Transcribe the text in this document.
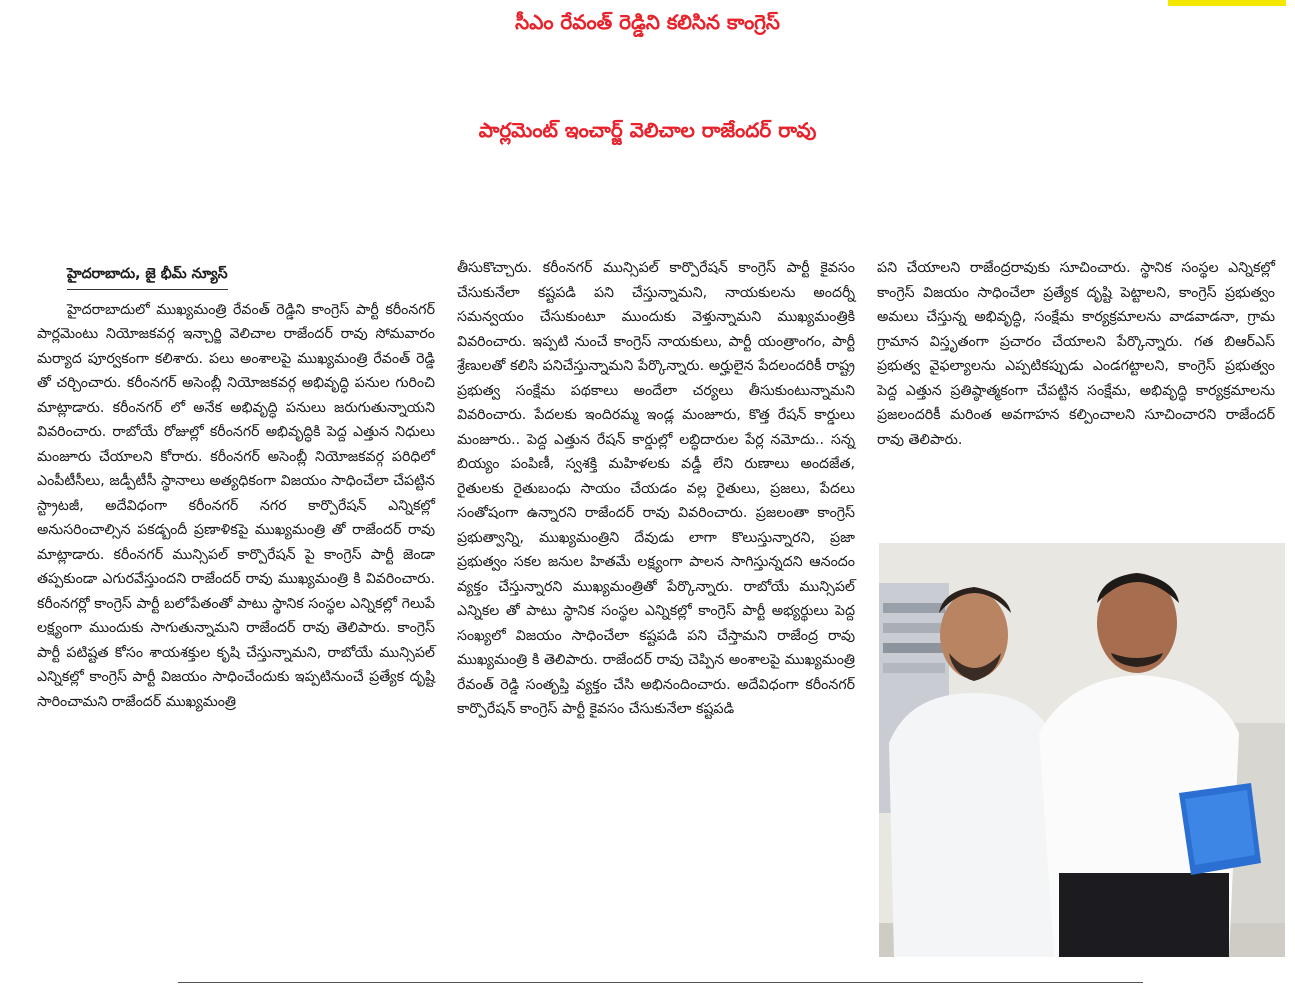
సీఎం రేవంత్ రెడ్డిని కలిసిన కాంగ్రెస్
పార్లమెంట్ ఇంచార్జ్ వెలిచాల రాజేందర్ రావు
హైదరాబాదు, జై భీమ్ న్యూస్
హైదరాబాదులో ముఖ్యమంత్రి రేవంత్ రెడ్డిని కాంగ్రెస్ పార్టీ కరీంనగర్ పార్లమెంటు నియోజకవర్గ ఇన్చార్జి వెలిచాల రాజేందర్ రావు సోమవారం మర్యాద పూర్వకంగా కలిశారు. పలు అంశాలపై ముఖ్యమంత్రి రేవంత్ రెడ్డి తో చర్చించారు. కరీంనగర్ అసెంబ్లీ నియోజకవర్గ అభివృద్ధి పనుల గురించి మాట్లాడారు. కరీంనగర్ లో అనేక అభివృద్ధి పనులు జరుగుతున్నాయని వివరించారు. రాబోయే రోజుల్లో కరీంనగర్ అభివృద్ధికి పెద్ద ఎత్తున నిధులు మంజూరు చేయాలని కోరారు. కరీంనగర్ అసెంబ్లీ నియోజకవర్గ పరిధిలో ఎంపీటీసీలు, జడ్పీటీసీ స్థానాలు అత్యధికంగా విజయం సాధించేలా చేపట్టిన స్ట్రాటజీ, అదేవిధంగా కరీంనగర్ నగర కార్పొరేషన్ ఎన్నికల్లో అనుసరించాల్సిన పకడ్బందీ ప్రణాళికపై ముఖ్యమంత్రి తో రాజేందర్ రావు మాట్లాడారు. కరీంనగర్ మున్సిపల్ కార్పొరేషన్ పై కాంగ్రెస్ పార్టీ జెండా తప్పకుండా ఎగురవేస్తుందని రాజేందర్ రావు ముఖ్యమంత్రి కి వివరించారు. కరీంనగర్లో కాంగ్రెస్ పార్టీ బలోపేతంతో పాటు స్థానిక సంస్థల ఎన్నికల్లో గెలుపే లక్ష్యంగా ముందుకు సాగుతున్నామని రాజేందర్ రావు తెలిపారు. కాంగ్రెస్ పార్టీ పటిష్టత కోసం శాయశక్తుల కృషి చేస్తున్నామని, రాబోయే మున్సిపల్ ఎన్నికల్లో కాంగ్రెస్ పార్టీ విజయం సాధించేందుకు ఇప్పటినుంచే ప్రత్యేక దృష్టి సారించామని రాజేందర్ ముఖ్యమంత్రి
తీసుకొచ్చారు. కరీంనగర్ మున్సిపల్ కార్పొరేషన్ కాంగ్రెస్ పార్టీ కైవసం చేసుకునేలా కష్టపడి పని చేస్తున్నామని, నాయకులను అందర్నీ సమన్వయం చేసుకుంటూ ముందుకు వెళ్తున్నామని ముఖ్యమంత్రికి వివరించారు. ఇప్పటి నుంచే కాంగ్రెస్ నాయకులు, పార్టీ యంత్రాంగం, పార్టీ శ్రేణులతో కలిసి పనిచేస్తున్నామని పేర్కొన్నారు. అర్హులైన పేదలందరికీ రాష్ట్ర ప్రభుత్వ సంక్షేమ పథకాలు అందేలా చర్యలు తీసుకుంటున్నామని వివరించారు. పేదలకు ఇందిరమ్మ ఇండ్ల మంజూరు, కొత్త రేషన్ కార్డులు మంజూరు.. పెద్ద ఎత్తున రేషన్ కార్డుల్లో లబ్ధిదారుల పేర్ల నమోదు.. సన్న బియ్యం పంపిణీ, స్వశక్తి మహిళలకు వడ్డీ లేని రుణాలు అందజేత, రైతులకు రైతుబంధు సాయం చేయడం వల్ల రైతులు, ప్రజలు, పేదలు సంతోషంగా ఉన్నారని రాజేందర్ రావు వివరించారు. ప్రజలంతా కాంగ్రెస్ ప్రభుత్వాన్ని, ముఖ్యమంత్రిని దేవుడు లాగా కొలుస్తున్నారని, ప్రజా ప్రభుత్వం సకల జనుల హితమే లక్ష్యంగా పాలన సాగిస్తున్నదని ఆనందం వ్యక్తం చేస్తున్నారని ముఖ్యమంత్రితో పేర్కొన్నారు. రాబోయే మున్సిపల్ ఎన్నికల తో పాటు స్థానిక సంస్థల ఎన్నికల్లో కాంగ్రెస్ పార్టీ అభ్యర్థులు పెద్ద సంఖ్యలో విజయం సాధించేలా కష్టపడి పని చేస్తామని రాజేంద్ర రావు ముఖ్యమంత్రి కి తెలిపారు. రాజేందర్ రావు చెప్పిన అంశాలపై ముఖ్యమంత్రి రేవంత్ రెడ్డి సంతృప్తి వ్యక్తం చేసి అభినందించారు. అదేవిధంగా కరీంనగర్ కార్పొరేషన్ కాంగ్రెస్ పార్టీ కైవసం చేసుకునేలా కష్టపడి
పని చేయాలని రాజేంద్రరావుకు సూచించారు. స్థానిక సంస్థల ఎన్నికల్లో కాంగ్రెస్ విజయం సాధించేలా ప్రత్యేక దృష్టి పెట్టాలని, కాంగ్రెస్ ప్రభుత్వం అమలు చేస్తున్న అభివృద్ధి, సంక్షేమ కార్యక్రమాలను వాడవాడనా, గ్రామ గ్రామాన విస్తృతంగా ప్రచారం చేయాలని పేర్కొన్నారు. గత బిఆర్ఎస్ ప్రభుత్వ వైఫల్యాలను ఎప్పటికప్పుడు ఎండగట్టాలని, కాంగ్రెస్ ప్రభుత్వం పెద్ద ఎత్తున ప్రతిష్ఠాత్మకంగా చేపట్టిన సంక్షేమ, అభివృద్ధి కార్యక్రమాలను ప్రజలందరికీ మరింత అవగాహన కల్పించాలని సూచించారని రాజేందర్ రావు తెలిపారు.
